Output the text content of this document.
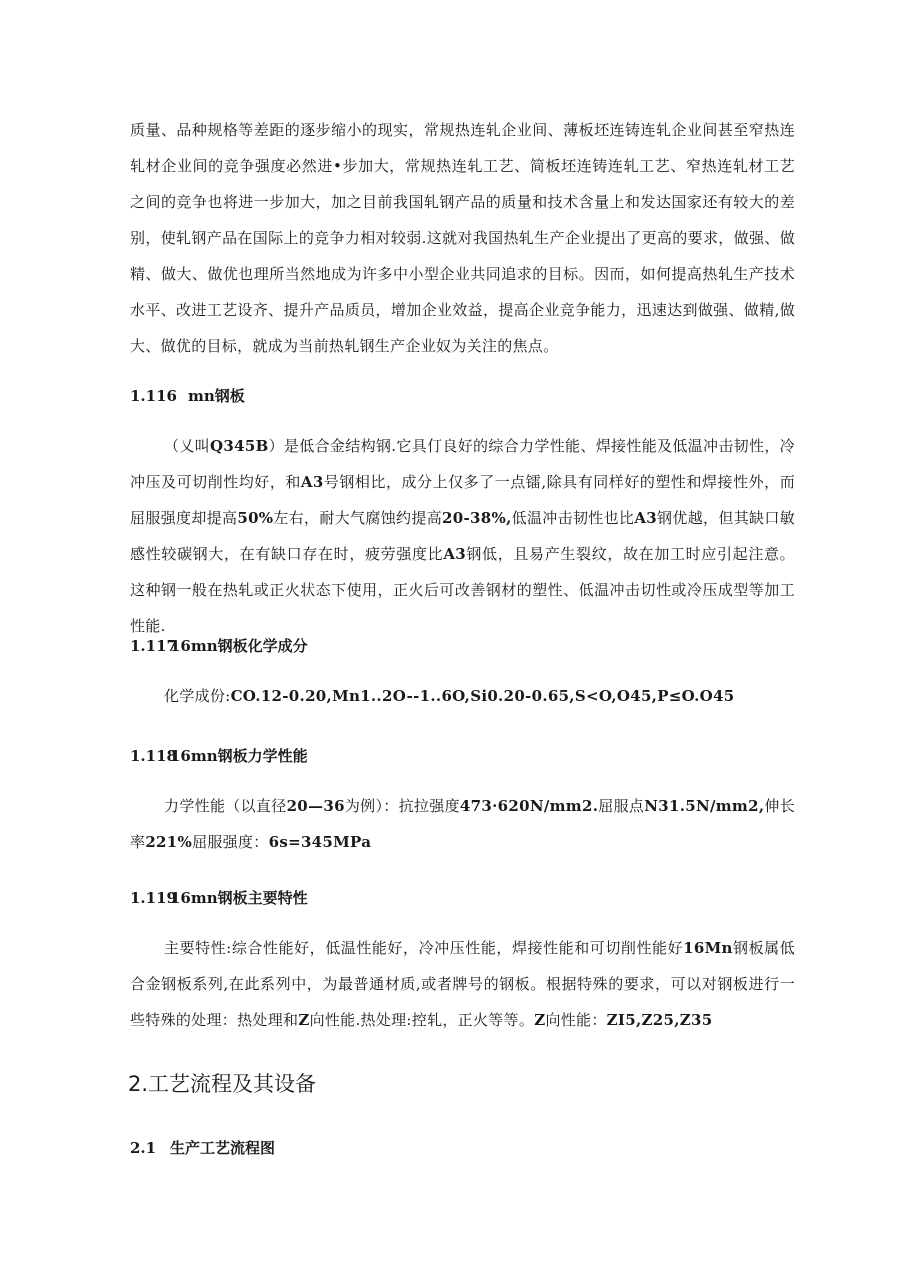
质量、品种规格等差距的逐步缩小的现实，常规热连轧企业间、薄板坯连铸连轧企业间甚至窄热连轧材企业间的竞争强度必然进•步加大，常规热连轧工艺、简板坯连铸连轧工艺、窄热连轧材工艺之间的竞争也将进一步加大，加之目前我国轧钢产品的质量和技术含量上和发达国家还有较大的差别，使轧钢产品在国际上的竞争力相对较弱.这就对我国热轧生产企业提出了更高的要求，做强、做精、做大、做优也理所当然地成为许多中小型企业共同追求的目标。因而，如何提高热轧生产技术水平、改进工艺设齐、提升产品质员，增加企业效益，提高企业竞争能力，迅速达到做强、做精,做大、做优的目标，就成为当前热轧钢生产企业奴为关注的焦点。

1.116 mn钢板

（乂叫Q345B）是低合金结构钢.它具仃良好的综合力学性能、焊接性能及低温冲击韧性，冷冲压及可切削性均好，和A3号钢相比，成分上仅多了一点镭,除具有同样好的塑性和焊接性外，而屈服强度却提高50%左右，耐大气腐蚀约提高20-38%,低温冲击韧性也比A3钢优越，但其缺口敏感性较碳钢大，在有缺口存在时，疲劳强度比A3钢低，且易产生裂纹，故在加工时应引起注意。这种钢一般在热轧或正火状态下使用，正火后可改善钢材的塑性、低温冲击切性或冷压成型等加工性能.

1.11716mn钢板化学成分

化学成份:CO.12-0.20,Mn1..2O--1..6O,Si0.20-0.65,S<O,O45,P≤O.O45

1.11816mn钢板力学性能

力学性能（以直径20—36为例）：抗拉强度473·620N∕mm2.屈服点N31.5N∕mm2,伸长率221%屈服强度：6s=345MPa

1.11916mn钢板主要特性

主要特性:综合性能好，低温性能好，冷冲压性能，焊接性能和可切削性能好16Mn钢板属低合金钢板系列,在此系列中，为最普通材质,或者牌号的钢板。根据特殊的要求，可以对钢板进行一些特殊的处理：热处理和Z向性能.热处理:控轧，正火等等。Z向性能：ZI5,Z25,Z35

2.工艺流程及其设备
2.1 生产工艺流程图
